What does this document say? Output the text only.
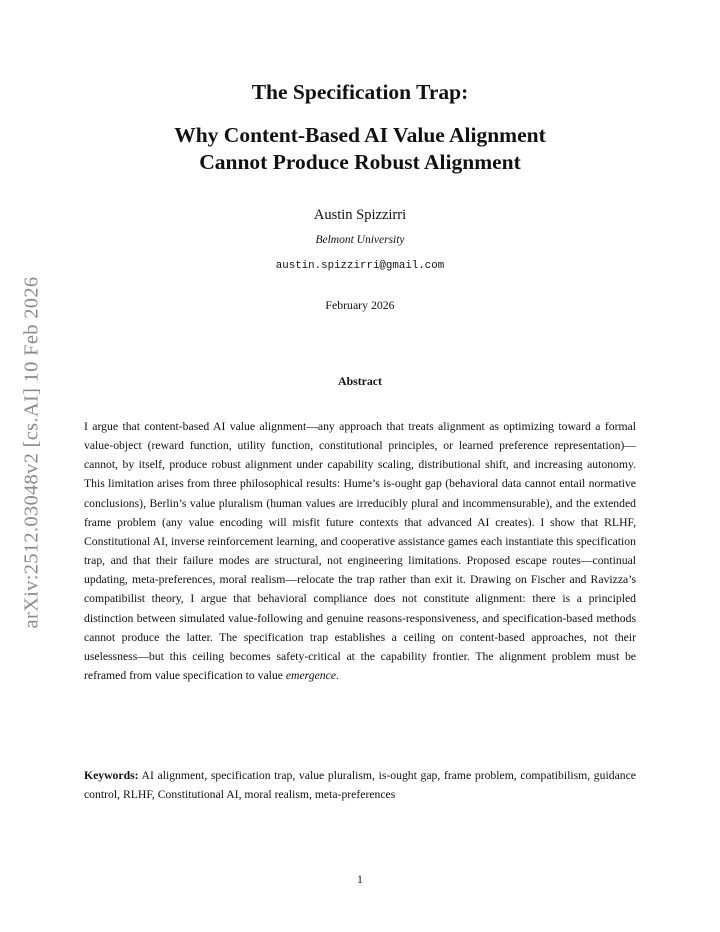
arXiv:2512.03048v2 [cs.AI] 10 Feb 2026
The Specification Trap:
Why Content-Based AI Value Alignment
Cannot Produce Robust Alignment
Austin Spizzirri
Belmont University
austin.spizzirri@gmail.com
February 2026
Abstract
I argue that content-based AI value alignment—any approach that treats alignment as optimizing toward a formal value-object (reward function, utility function, constitutional principles, or learned preference representation)—cannot, by itself, produce robust alignment under capability scaling, distributional shift, and increasing autonomy. This limitation arises from three philosophical results: Hume’s is-ought gap (behavioral data cannot entail normative conclusions), Berlin’s value pluralism (human values are irreducibly plural and incommensurable), and the extended frame problem (any value encoding will misfit future contexts that advanced AI creates). I show that RLHF, Constitutional AI, inverse reinforcement learning, and cooperative assistance games each instantiate this specification trap, and that their failure modes are structural, not engineering limitations. Proposed escape routes—continual updating, meta-preferences, moral realism—relocate the trap rather than exit it. Drawing on Fischer and Ravizza’s compatibilist theory, I argue that behavioral compliance does not constitute alignment: there is a principled distinction between simulated value-following and genuine reasons-responsiveness, and specification-based methods cannot produce the latter. The specification trap establishes a ceiling on content-based approaches, not their uselessness—but this ceiling becomes safety-critical at the capability frontier. The alignment problem must be reframed from value specification to value emergence.
Keywords: AI alignment, specification trap, value pluralism, is-ought gap, frame problem, compatibilism, guidance control, RLHF, Constitutional AI, moral realism, meta-preferences
1
